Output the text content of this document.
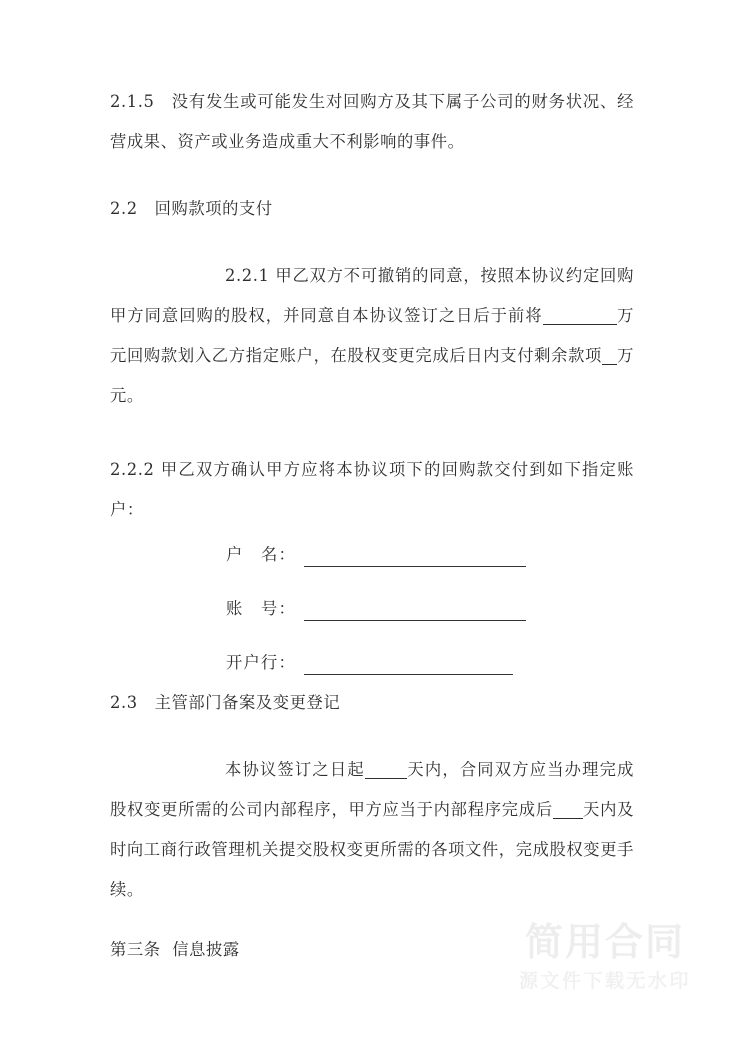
2.1.5　没有发生或可能发生对回购方及其下属子公司的财务状况、经营成果、资产或业务造成重大不利影响的事件。

2.2　回购款项的支付

2.2.1 甲乙双方不可撤销的同意，按照本协议约定回购甲方同意回购的股权，并同意自本协议签订之日后于前将	万元回购款划入乙方指定账户，在股权变更完成后日内支付剩余款项 万元。

2.2.2 甲乙双方确认甲方应将本协议项下的回购款交付到如下指定账户：

户　名：
账　号：
开户行：

2.3　主管部门备案及变更登记

本协议签订之日起	天内，合同双方应当办理完成股权变更所需的公司内部程序，甲方应当于内部程序完成后 天内及时向工商行政管理机关提交股权变更所需的各项文件，完成股权变更手续。

第三条  信息披露	简用合同
源文件下载无水印
